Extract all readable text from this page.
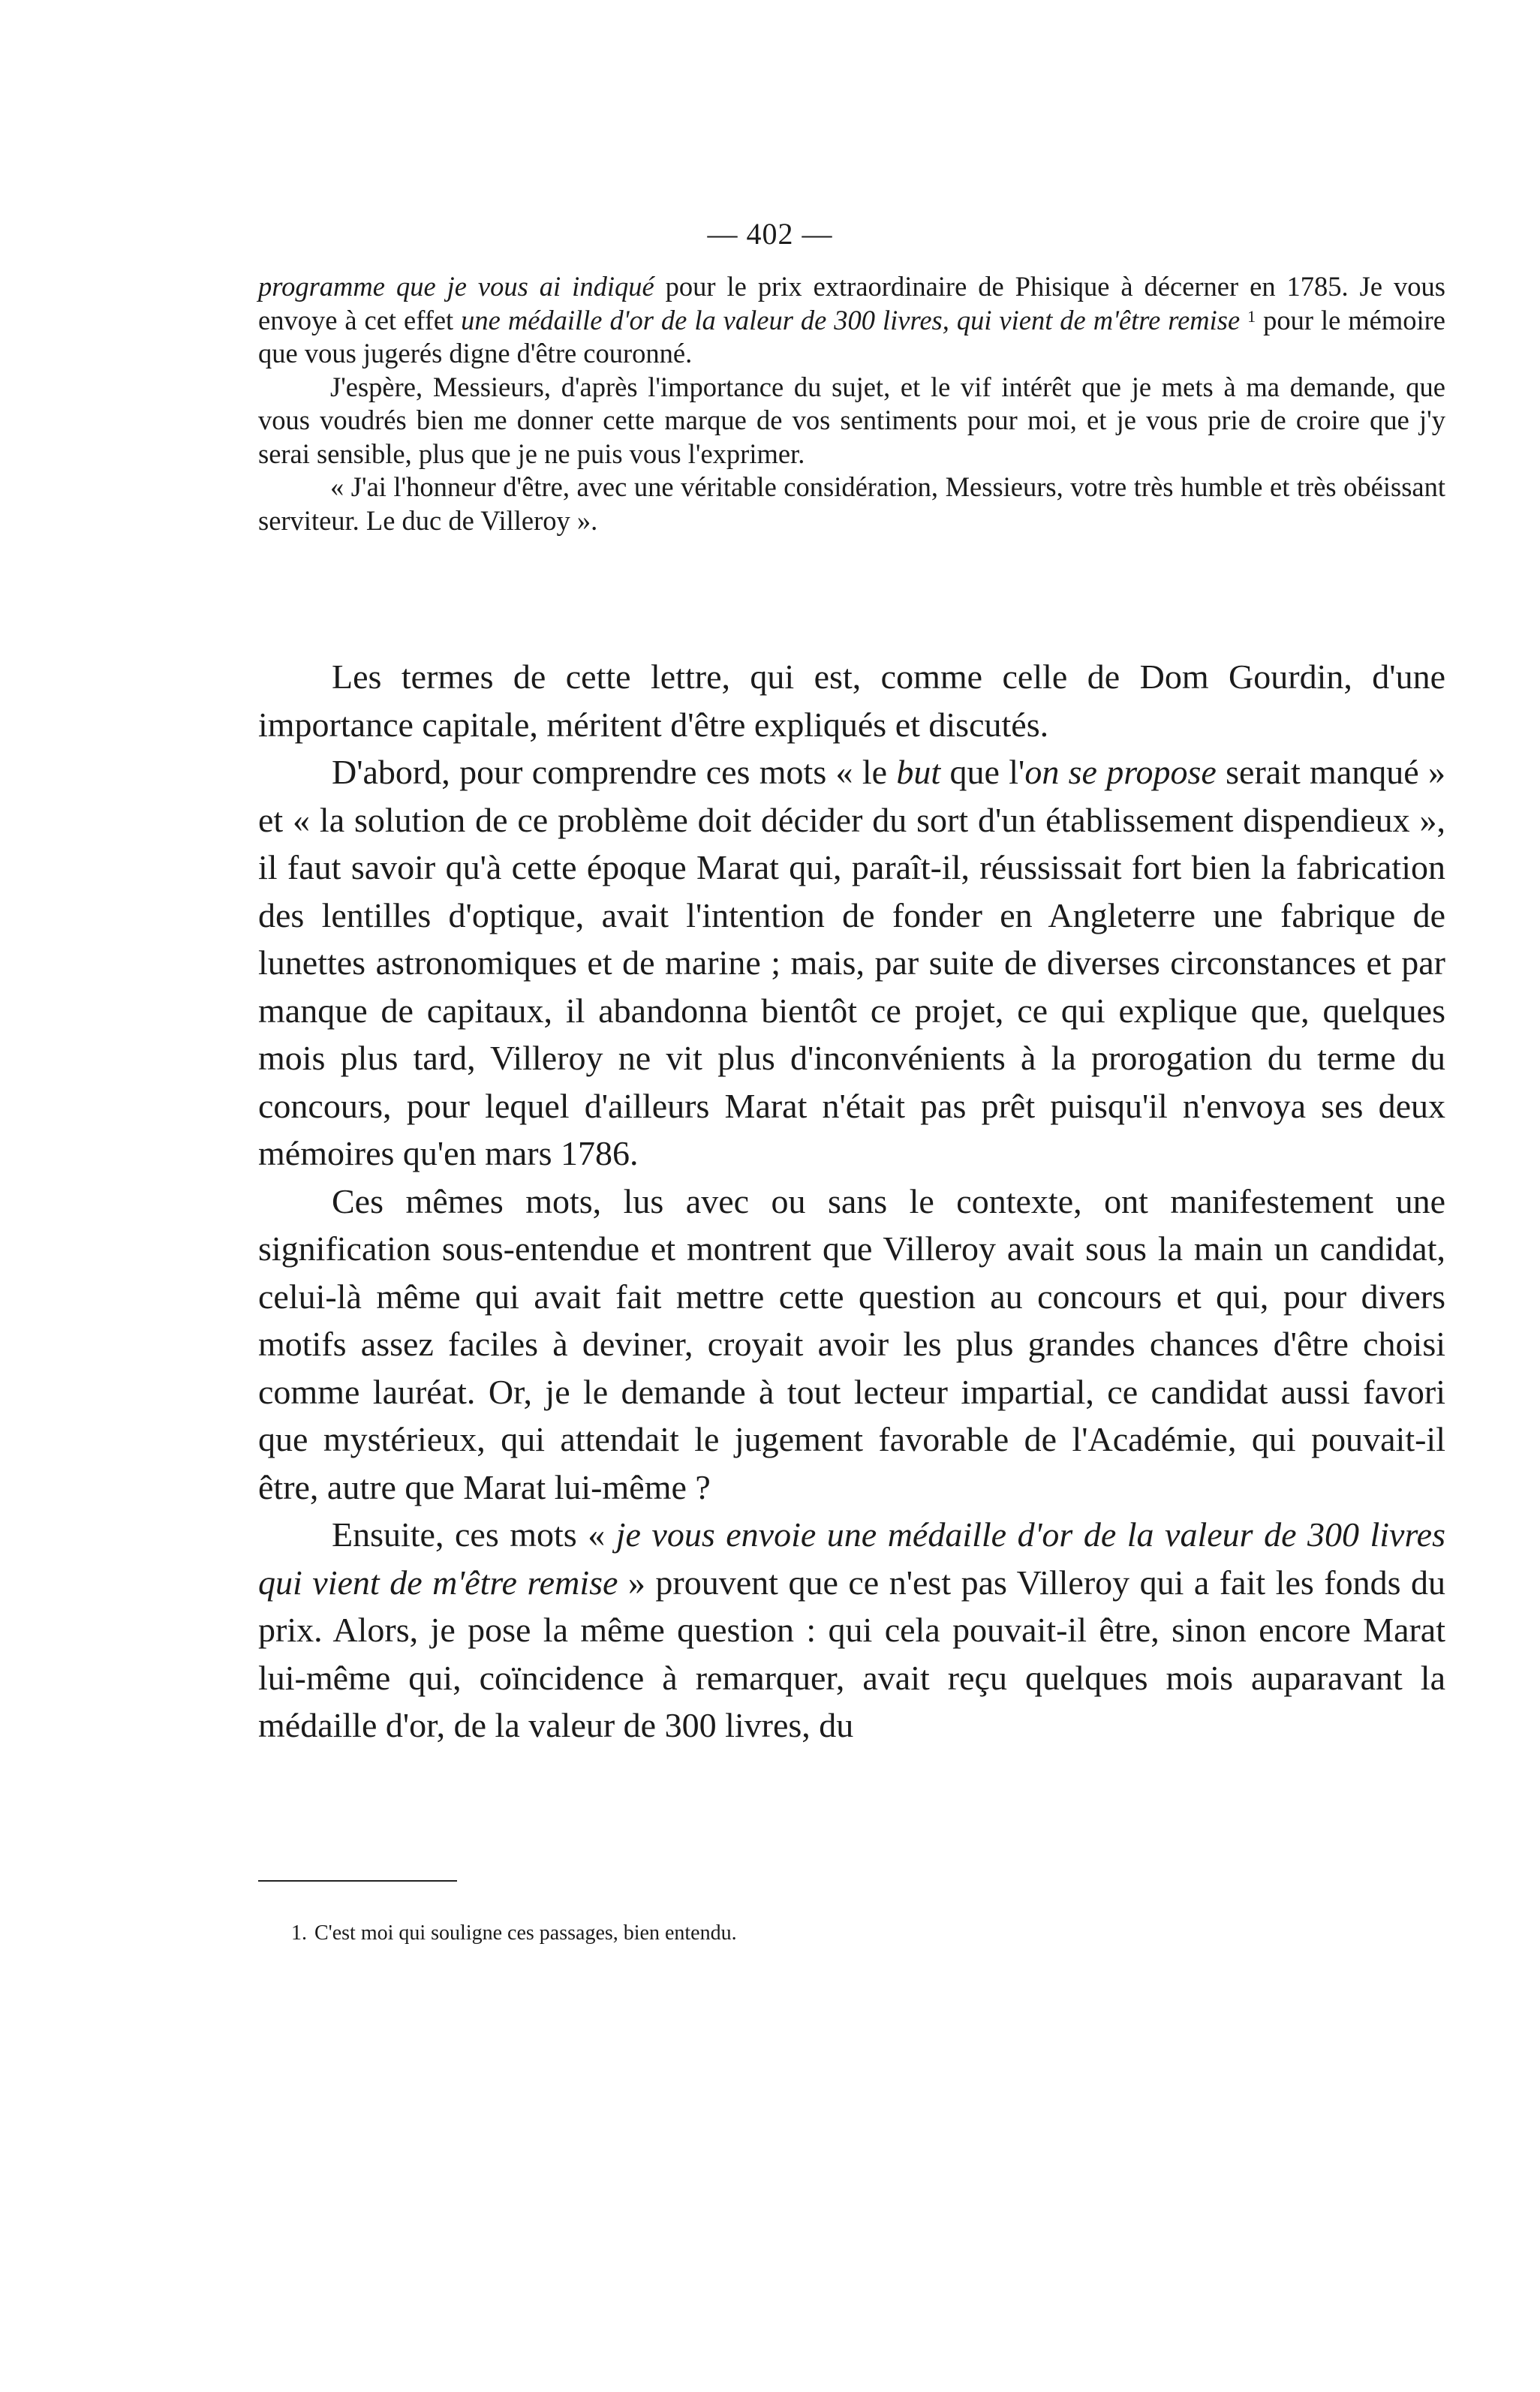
— 402 —

programme que je vous ai indiqué pour le prix extraordinaire de Phisique à décerner en 1785. Je vous envoye à cet effet une médaille d'or de la valeur de 300 livres, qui vient de m'être remise $^1$ pour le mémoire que vous jugerés digne d'être couronné.

J'espère, Messieurs, d'après l'importance du sujet, et le vif intérêt que je mets à ma demande, que vous voudrés bien me donner cette marque de vos sentiments pour moi, et je vous prie de croire que j'y serai sensible, plus que je ne puis vous l'exprimer.

« J'ai l'honneur d'être, avec une véritable considération, Messieurs, votre très humble et très obéissant serviteur. Le duc de Villeroy ».

Les termes de cette lettre, qui est, comme celle de Dom Gourdin, d'une importance capitale, méritent d'être expliqués et discutés.

D'abord, pour comprendre ces mots « le but que l'on se propose serait manqué » et « la solution de ce problème doit décider du sort d'un établissement dispendieux », il faut savoir qu'à cette époque Marat qui, paraît-il, réussissait fort bien la fabrication des lentilles d'optique, avait l'intention de fonder en Angleterre une fabrique de lunettes astronomiques et de marine ; mais, par suite de diverses circonstances et par manque de capitaux, il abandonna bientôt ce projet, ce qui explique que, quelques mois plus tard, Villeroy ne vit plus d'inconvénients à la prorogation du terme du concours, pour lequel d'ailleurs Marat n'était pas prêt puisqu'il n'envoya ses deux mémoires qu'en mars 1786.

Ces mêmes mots, lus avec ou sans le contexte, ont manifestement une signification sous-entendue et montrent que Villeroy avait sous la main un candidat, celui-là même qui avait fait mettre cette question au concours et qui, pour divers motifs assez faciles à deviner, croyait avoir les plus grandes chances d'être choisi comme lauréat. Or, je le demande à tout lecteur impartial, ce candidat aussi favori que mystérieux, qui attendait le jugement favorable de l'Académie, qui pouvait-il être, autre que Marat lui-même ?

Ensuite, ces mots « je vous envoie une médaille d'or de la valeur de 300 livres qui vient de m'être remise » prouvent que ce n'est pas Villeroy qui a fait les fonds du prix. Alors, je pose la même question : qui cela pouvait-il être, sinon encore Marat lui-même qui, coïncidence à remarquer, avait reçu quelques mois auparavant la médaille d'or, de la valeur de 300 livres, du

1. C'est moi qui souligne ces passages, bien entendu.
